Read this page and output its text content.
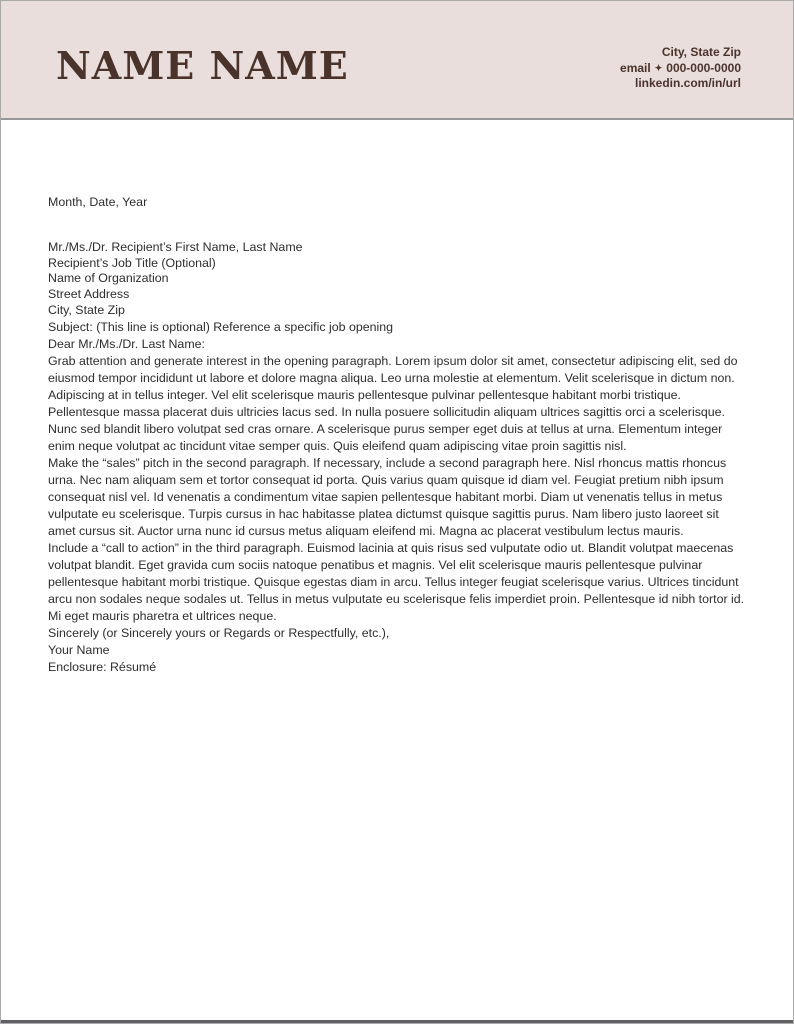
NAME NAME	City, State Zip
email ✦ 000-000-0000
linkedin.com/in/url

Month, Date, Year

Mr./Ms./Dr. Recipient’s First Name, Last Name

Recipient’s Job Title (Optional)

Name of Organization

Street Address

City, State Zip

Subject: (This line is optional) Reference a specific job opening

Dear Mr./Ms./Dr. Last Name:

Grab attention and generate interest in the opening paragraph. Lorem ipsum dolor sit amet, consectetur adipiscing elit, sed do eiusmod tempor incididunt ut labore et dolore magna aliqua. Leo urna molestie at elementum. Velit scelerisque in dictum non. Adipiscing at in tellus integer. Vel elit scelerisque mauris pellentesque pulvinar pellentesque habitant morbi tristique. Pellentesque massa placerat duis ultricies lacus sed. In nulla posuere sollicitudin aliquam ultrices sagittis orci a scelerisque. Nunc sed blandit libero volutpat sed cras ornare. A scelerisque purus semper eget duis at tellus at urna. Elementum integer enim neque volutpat ac tincidunt vitae semper quis. Quis eleifend quam adipiscing vitae proin sagittis nisl.

Make the “sales” pitch in the second paragraph. If necessary, include a second paragraph here. Nisl rhoncus mattis rhoncus urna. Nec nam aliquam sem et tortor consequat id porta. Quis varius quam quisque id diam vel. Feugiat pretium nibh ipsum consequat nisl vel. Id venenatis a condimentum vitae sapien pellentesque habitant morbi. Diam ut venenatis tellus in metus vulputate eu scelerisque. Turpis cursus in hac habitasse platea dictumst quisque sagittis purus. Nam libero justo laoreet sit amet cursus sit. Auctor urna nunc id cursus metus aliquam eleifend mi. Magna ac placerat vestibulum lectus mauris.

Include a “call to action” in the third paragraph. Euismod lacinia at quis risus sed vulputate odio ut. Blandit volutpat maecenas volutpat blandit. Eget gravida cum sociis natoque penatibus et magnis. Vel elit scelerisque mauris pellentesque pulvinar pellentesque habitant morbi tristique. Quisque egestas diam in arcu. Tellus integer feugiat scelerisque varius. Ultrices tincidunt arcu non sodales neque sodales ut. Tellus in metus vulputate eu scelerisque felis imperdiet proin. Pellentesque id nibh tortor id. Mi eget mauris pharetra et ultrices neque.

Sincerely (or Sincerely yours or Regards or Respectfully, etc.),

Your Name

Enclosure: Résumé
